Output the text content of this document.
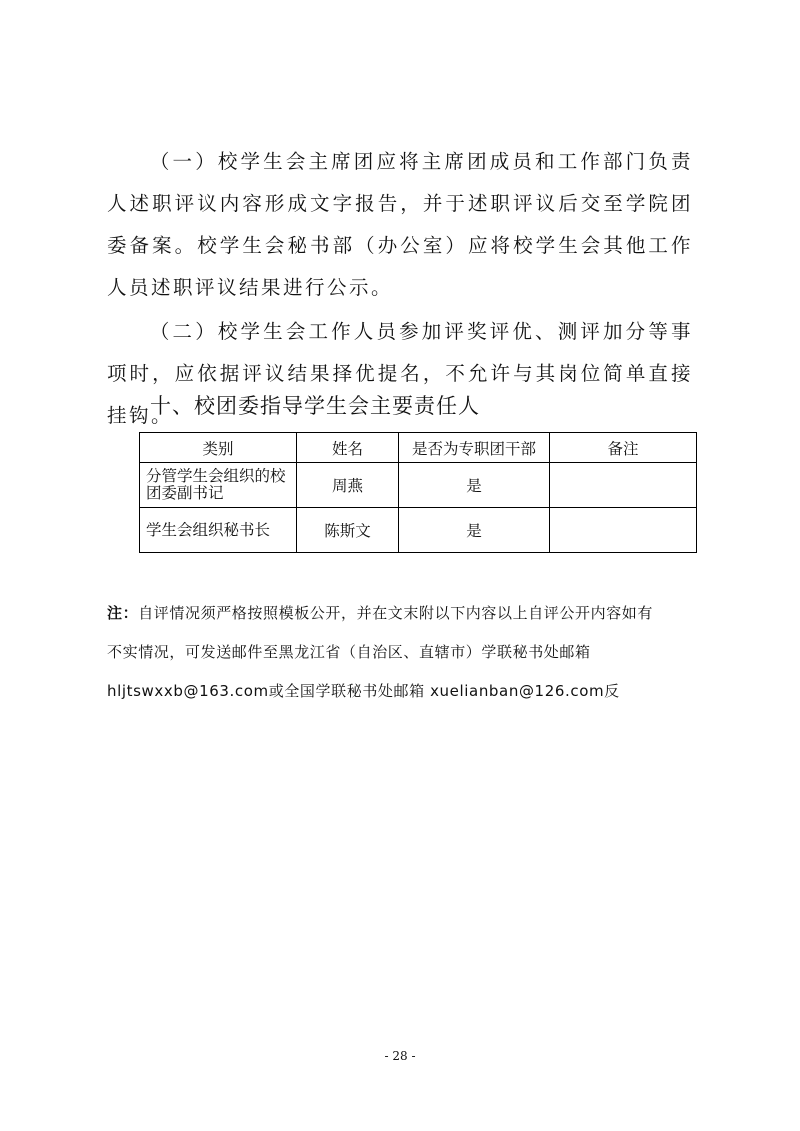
（一）校学生会主席团应将主席团成员和工作部门负责人述职评议内容形成文字报告，并于述职评议后交至学院团委备案。校学生会秘书部（办公室）应将校学生会其他工作人员述职评议结果进行公示。

（二）校学生会工作人员参加评奖评优、测评加分等事项时，应依据评议结果择优提名，不允许与其岗位简单直接挂钩。

十、校团委指导学生会主要责任人
类别	姓名	是否为专职团干部	备注
分管学生会组织的校团委副书记	周燕	是	
学生会组织秘书长	陈斯文	是	

注：自评情况须严格按照模板公开，并在文末附以下内容以上自评公开内容如有

不实情况，可发送邮件至黑龙江省（自治区、直辖市）学联秘书处邮箱

hljtswxxb@163.com或全国学联秘书处邮箱 xuelianban@126.com反

- 28 -
